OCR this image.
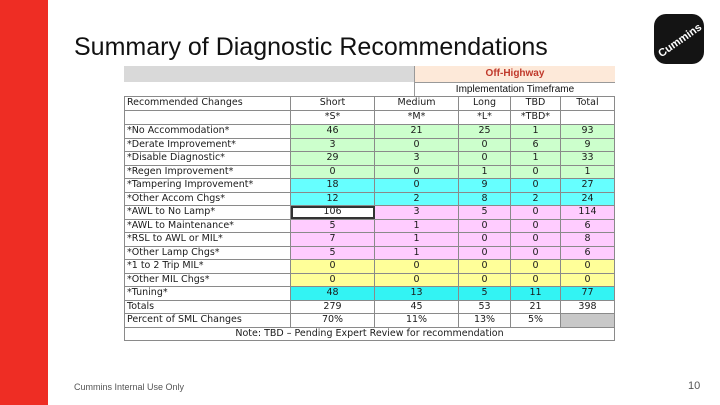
Summary of Diagnostic Recommendations	Cummins
Off-Highway
Implementation Timeframe
Recommended Changes	Short	Medium	Long	TBD	Total
	*S*	*M*	*L*	*TBD*	
*No Accommodation*	46	21	25	1	93
*Derate Improvement*	3	0	0	6	9
*Disable Diagnostic*	29	3	0	1	33
*Regen Improvement*	0	0	1	0	1
*Tampering Improvement*	18	0	9	0	27
*Other Accom Chgs*	12	2	8	2	24
*AWL to No Lamp*	106	3	5	0	114
*AWL to Maintenance*	5	1	0	0	6
*RSL to AWL or MIL*	7	1	0	0	8
*Other Lamp Chgs*	5	1	0	0	6
*1 to 2 Trip MIL*	0	0	0	0	0
*Other MIL Chgs*	0	0	0	0	0
*Tuning*	48	13	5	11	77
Totals	279	45	53	21	398
Percent of SML Changes	70%	11%	13%	5%	
Note: TBD – Pending Expert Review for recommendation					
Cummins Internal Use Only	10
